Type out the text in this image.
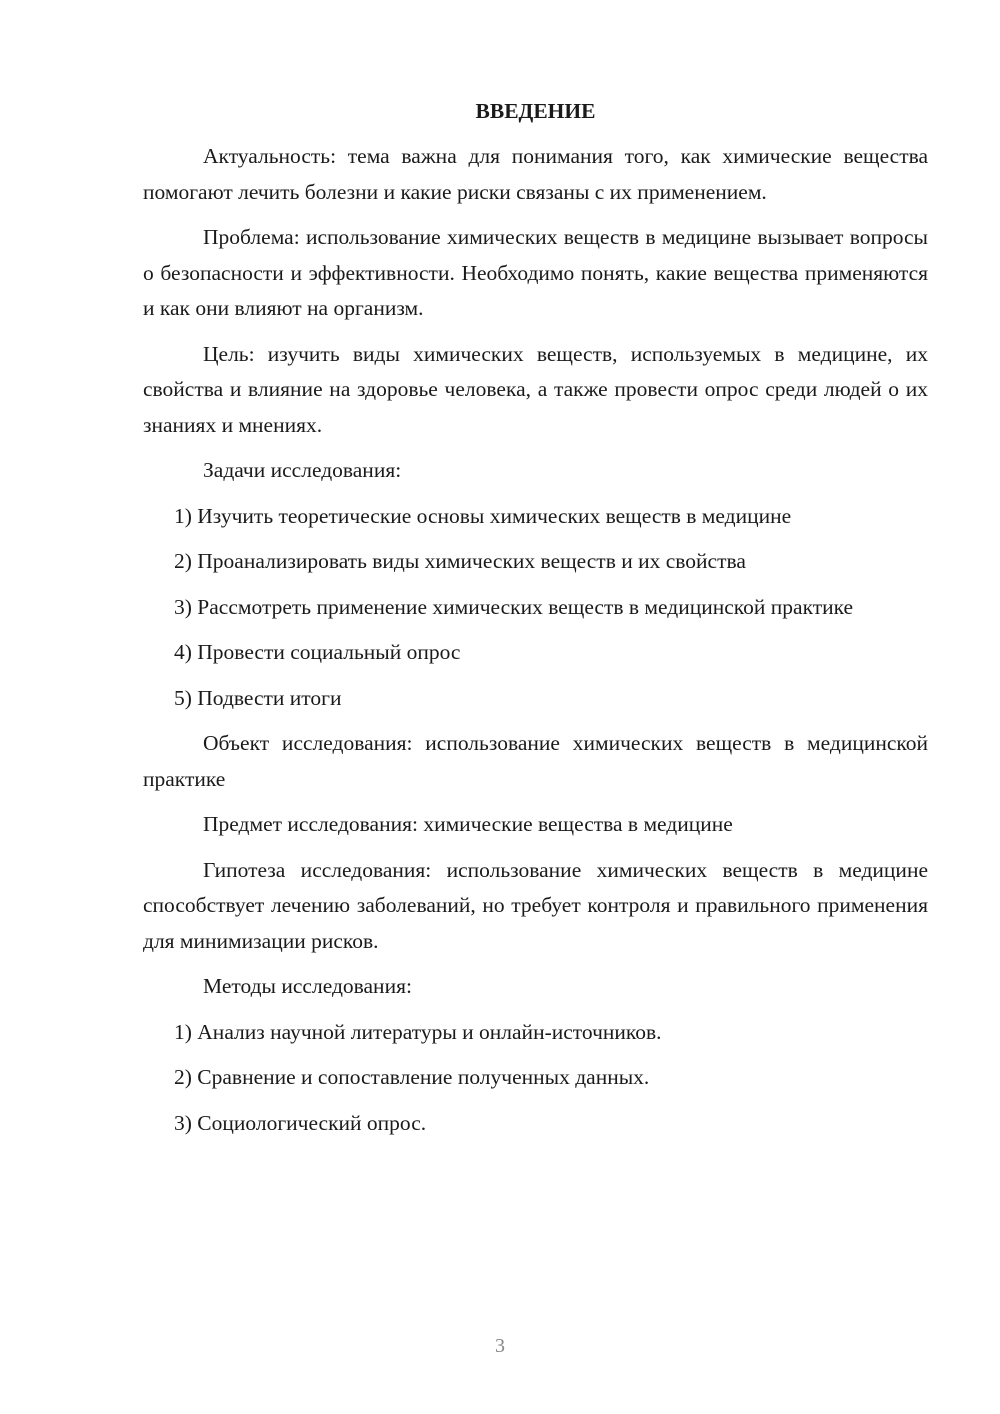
ВВЕДЕНИЕ

Актуальность: тема важна для понимания того, как химические вещества помогают лечить болезни и какие риски связаны с их применением.

Проблема: использование химических веществ в медицине вызывает вопросы о безопасности и эффективности. Необходимо понять, какие вещества применяются и как они влияют на организм.

Цель: изучить виды химических веществ, используемых в медицине, их свойства и влияние на здоровье человека, а также провести опрос среди людей о их знаниях и мнениях.

Задачи исследования:

1) Изучить теоретические основы химических веществ в медицине

2) Проанализировать виды химических веществ и их свойства

3) Рассмотреть применение химических веществ в медицинской практике

4) Провести социальный опрос

5) Подвести итоги

Объект исследования: использование химических веществ в медицинской практике

Предмет исследования: химические вещества в медицине

Гипотеза исследования: использование химических веществ в медицине способствует лечению заболеваний, но требует контроля и правильного применения для минимизации рисков.

Методы исследования:

1) Анализ научной литературы и онлайн-источников.

2) Сравнение и сопоставление полученных данных.

3) Социологический опрос.

3
